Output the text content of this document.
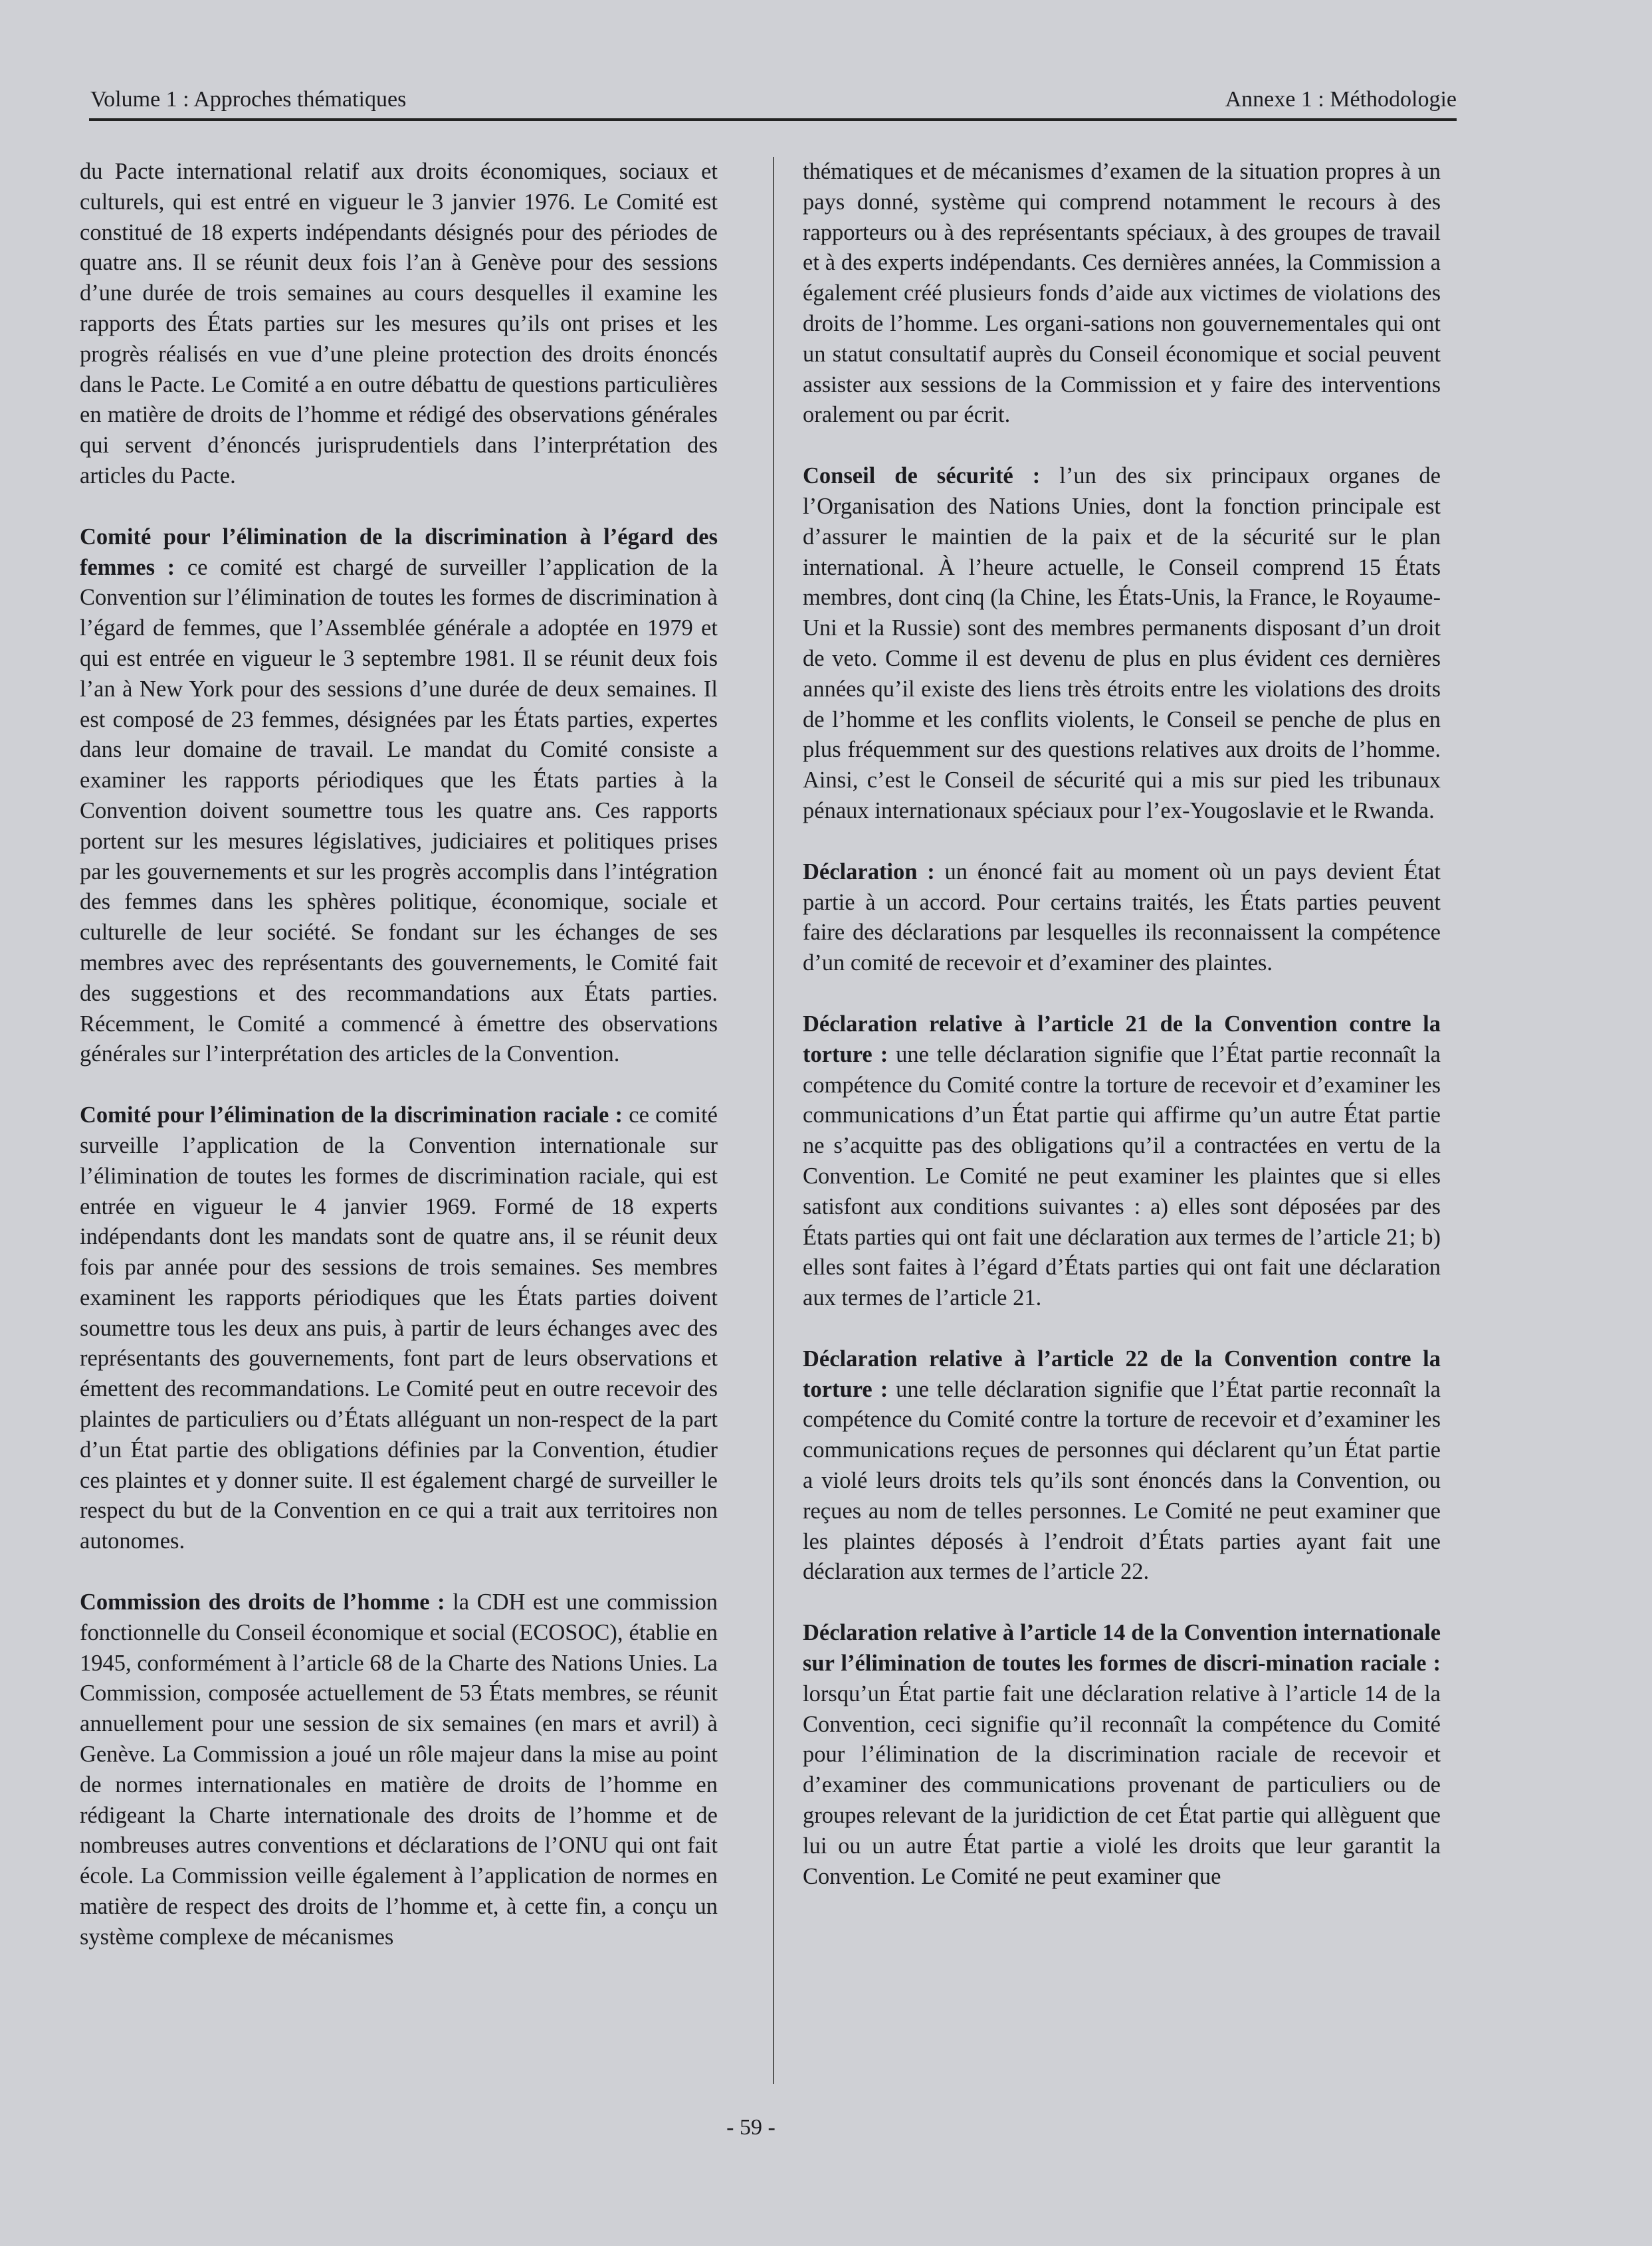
Volume 1 : Approches thématiques	Annexe 1 : Méthodologie

du Pacte international relatif aux droits économiques, sociaux et culturels, qui est entré en vigueur le 3 janvier 1976. Le Comité est constitué de 18 experts indépendants désignés pour des périodes de quatre ans. Il se réunit deux fois l’an à Genève pour des sessions d’une durée de trois semaines au cours desquelles il examine les rapports des États parties sur les mesures qu’ils ont prises et les progrès réalisés en vue d’une pleine protection des droits énoncés dans le Pacte. Le Comité a en outre débattu de questions particulières en matière de droits de l’homme et rédigé des observations générales qui servent d’énoncés jurisprudentiels dans l’interprétation des articles du Pacte.

Comité pour l’élimination de la discrimination à l’égard des femmes : ce comité est chargé de surveiller l’application de la Convention sur l’élimination de toutes les formes de discrimination à l’égard de femmes, que l’Assemblée générale a adoptée en 1979 et qui est entrée en vigueur le 3 septembre 1981. Il se réunit deux fois l’an à New York pour des sessions d’une durée de deux semaines. Il est composé de 23 femmes, désignées par les États parties, expertes dans leur domaine de travail. Le mandat du Comité consiste a examiner les rapports périodiques que les États parties à la Convention doivent soumettre tous les quatre ans. Ces rapports portent sur les mesures législatives, judiciaires et politiques prises par les gouvernements et sur les progrès accomplis dans l’intégration des femmes dans les sphères politique, économique, sociale et culturelle de leur société. Se fondant sur les échanges de ses membres avec des représentants des gouvernements, le Comité fait des suggestions et des recommandations aux États parties. Récemment, le Comité a commencé à émettre des observations générales sur l’interprétation des articles de la Convention.

Comité pour l’élimination de la discrimination raciale : ce comité surveille l’application de la Convention internationale sur l’élimination de toutes les formes de discrimination raciale, qui est entrée en vigueur le 4 janvier 1969. Formé de 18 experts indépendants dont les mandats sont de quatre ans, il se réunit deux fois par année pour des sessions de trois semaines. Ses membres examinent les rapports périodiques que les États parties doivent soumettre tous les deux ans puis, à partir de leurs échanges avec des représentants des gouvernements, font part de leurs observations et émettent des recommandations. Le Comité peut en outre recevoir des plaintes de particuliers ou d’États alléguant un non-respect de la part d’un État partie des obligations définies par la Convention, étudier ces plaintes et y donner suite. Il est également chargé de surveiller le respect du but de la Convention en ce qui a trait aux territoires non autonomes.

Commission des droits de l’homme : la CDH est une commission fonctionnelle du Conseil économique et social (ECOSOC), établie en 1945, conformément à l’article 68 de la Charte des Nations Unies. La Commission, composée actuellement de 53 États membres, se réunit annuellement pour une session de six semaines (en mars et avril) à Genève. La Commission a joué un rôle majeur dans la mise au point de normes internationales en matière de droits de l’homme en rédigeant la Charte internationale des droits de l’homme et de nombreuses autres conventions et déclarations de l’ONU qui ont fait école. La Commission veille également à l’application de normes en matière de respect des droits de l’homme et, à cette fin, a conçu un système complexe de mécanismes

thématiques et de mécanismes d’examen de la situation propres à un pays donné, système qui comprend notamment le recours à des rapporteurs ou à des représentants spéciaux, à des groupes de travail et à des experts indépendants. Ces dernières années, la Commission a également créé plusieurs fonds d’aide aux victimes de violations des droits de l’homme. Les organi-sations non gouvernementales qui ont un statut consultatif auprès du Conseil économique et social peuvent assister aux sessions de la Commission et y faire des interventions oralement ou par écrit.

Conseil de sécurité : l’un des six principaux organes de l’Organisation des Nations Unies, dont la fonction principale est d’assurer le maintien de la paix et de la sécurité sur le plan international. À l’heure actuelle, le Conseil comprend 15 États membres, dont cinq (la Chine, les États-Unis, la France, le Royaume-Uni et la Russie) sont des membres permanents disposant d’un droit de veto. Comme il est devenu de plus en plus évident ces dernières années qu’il existe des liens très étroits entre les violations des droits de l’homme et les conflits violents, le Conseil se penche de plus en plus fréquemment sur des questions relatives aux droits de l’homme. Ainsi, c’est le Conseil de sécurité qui a mis sur pied les tribunaux pénaux internationaux spéciaux pour l’ex-Yougoslavie et le Rwanda.

Déclaration : un énoncé fait au moment où un pays devient État partie à un accord. Pour certains traités, les États parties peuvent faire des déclarations par lesquelles ils reconnaissent la compétence d’un comité de recevoir et d’examiner des plaintes.

Déclaration relative à l’article 21 de la Convention contre la torture : une telle déclaration signifie que l’État partie reconnaît la compétence du Comité contre la torture de recevoir et d’examiner les communications d’un État partie qui affirme qu’un autre État partie ne s’acquitte pas des obligations qu’il a contractées en vertu de la Convention. Le Comité ne peut examiner les plaintes que si elles satisfont aux conditions suivantes : a) elles sont déposées par des États parties qui ont fait une déclaration aux termes de l’article 21; b) elles sont faites à l’égard d’États parties qui ont fait une déclaration aux termes de l’article 21.

Déclaration relative à l’article 22 de la Convention contre la torture : une telle déclaration signifie que l’État partie reconnaît la compétence du Comité contre la torture de recevoir et d’examiner les communications reçues de personnes qui déclarent qu’un État partie a violé leurs droits tels qu’ils sont énoncés dans la Convention, ou reçues au nom de telles personnes. Le Comité ne peut examiner que les plaintes déposés à l’endroit d’États parties ayant fait une déclaration aux termes de l’article 22.

Déclaration relative à l’article 14 de la Convention internationale sur l’élimination de toutes les formes de discri-mination raciale : lorsqu’un État partie fait une déclaration relative à l’article 14 de la Convention, ceci signifie qu’il reconnaît la compétence du Comité pour l’élimination de la discrimination raciale de recevoir et d’examiner des communications provenant de particuliers ou de groupes relevant de la juridiction de cet État partie qui allèguent que lui ou un autre État partie a violé les droits que leur garantit la Convention. Le Comité ne peut examiner que

- 59 -
